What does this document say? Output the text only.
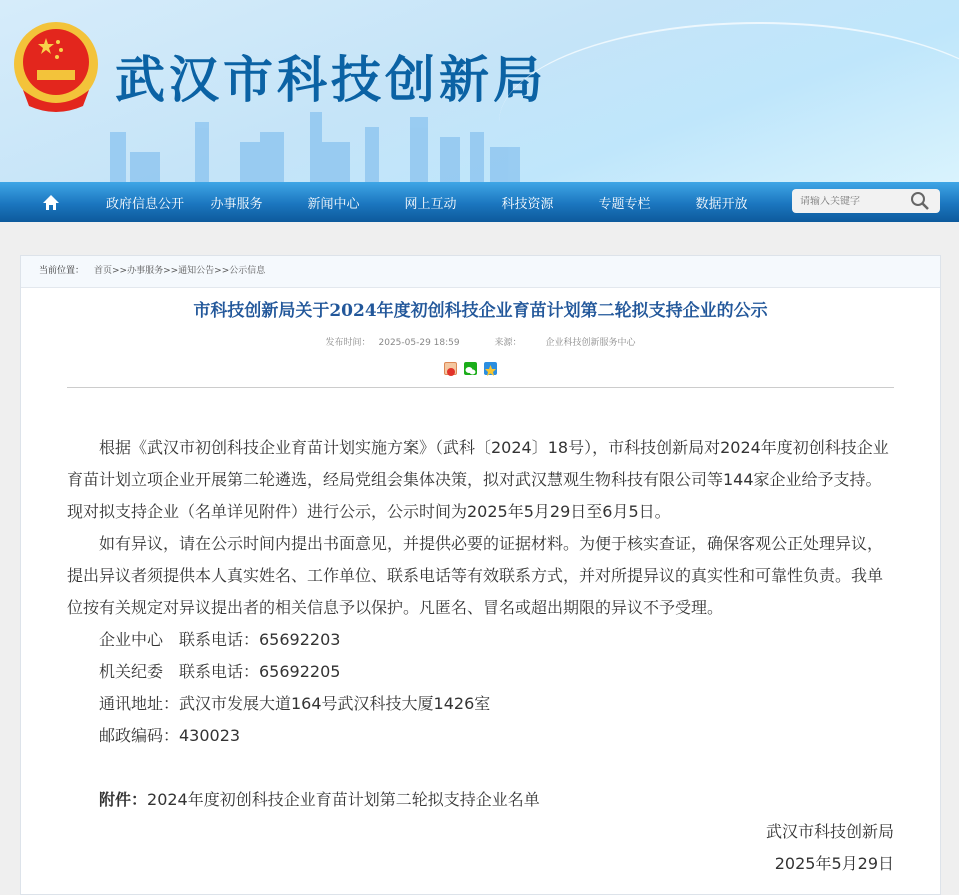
武汉市科技创新局
政府信息公开	办事服务	新闻中心	网上互动	科技资源	专题专栏	数据开放
请输入关键字
当前位置： 首页>>办事服务>>通知公告>>公示信息
市科技创新局关于2024年度初创科技企业育苗计划第二轮拟支持企业的公示
发布时间： 2025-05-29 18:59	来源：	企业科技创新服务中心

根据《武汉市初创科技企业育苗计划实施方案》（武科〔2024〕18号），市科技创新局对2024年度初创科技企业育苗计划立项企业开展第二轮遴选，经局党组会集体决策，拟对武汉慧观生物科技有限公司等144家企业给予支持。现对拟支持企业（名单详见附件）进行公示，公示时间为2025年5月29日至6月5日。

如有异议，请在公示时间内提出书面意见，并提供必要的证据材料。为便于核实查证，确保客观公正处理异议，提出异议者须提供本人真实姓名、工作单位、联系电话等有效联系方式，并对所提异议的真实性和可靠性负责。我单位按有关规定对异议提出者的相关信息予以保护。凡匿名、冒名或超出期限的异议不予受理。

企业中心　联系电话：65692203

机关纪委　联系电话：65692205

通讯地址：武汉市发展大道164号武汉科技大厦1426室

邮政编码：430023

附件：2024年度初创科技企业育苗计划第二轮拟支持企业名单

武汉市科技创新局

2025年5月29日
